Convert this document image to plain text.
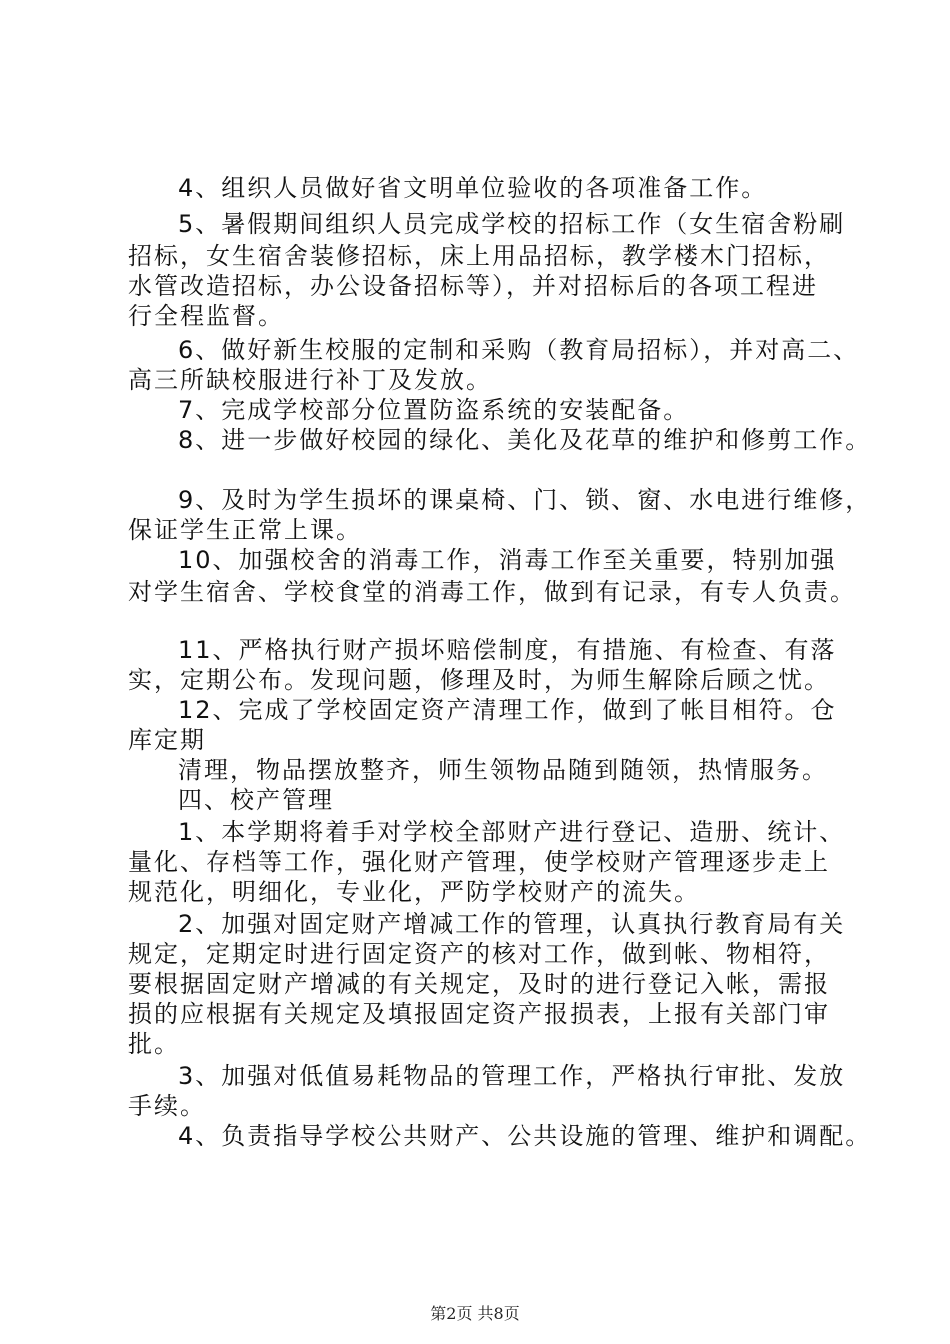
4、组织人员做好省文明单位验收的各项准备工作。
5、暑假期间组织人员完成学校的招标工作（女生宿舍粉刷
招标，女生宿舍装修招标，床上用品招标，教学楼木门招标，
水管改造招标，办公设备招标等），并对招标后的各项工程进
行全程监督。
6、做好新生校服的定制和采购（教育局招标），并对高二、
高三所缺校服进行补丁及发放。
7、完成学校部分位置防盗系统的安装配备。
8、进一步做好校园的绿化、美化及花草的维护和修剪工作。
9、及时为学生损坏的课桌椅、门、锁、窗、水电进行维修，
保证学生正常上课。
10、加强校舍的消毒工作，消毒工作至关重要，特别加强
对学生宿舍、学校食堂的消毒工作，做到有记录，有专人负责。
11、严格执行财产损坏赔偿制度，有措施、有检查、有落
实，定期公布。发现问题，修理及时，为师生解除后顾之忧。
12、完成了学校固定资产清理工作，做到了帐目相符。仓
库定期
清理，物品摆放整齐，师生领物品随到随领，热情服务。
四、校产管理
1、本学期将着手对学校全部财产进行登记、造册、统计、
量化、存档等工作，强化财产管理，使学校财产管理逐步走上
规范化，明细化，专业化，严防学校财产的流失。
2、加强对固定财产增减工作的管理，认真执行教育局有关
规定，定期定时进行固定资产的核对工作，做到帐、物相符，
要根据固定财产增减的有关规定，及时的进行登记入帐，需报
损的应根据有关规定及填报固定资产报损表，上报有关部门审
批。
3、加强对低值易耗物品的管理工作，严格执行审批、发放
手续。
4、负责指导学校公共财产、公共设施的管理、维护和调配。
第2页 共8页
